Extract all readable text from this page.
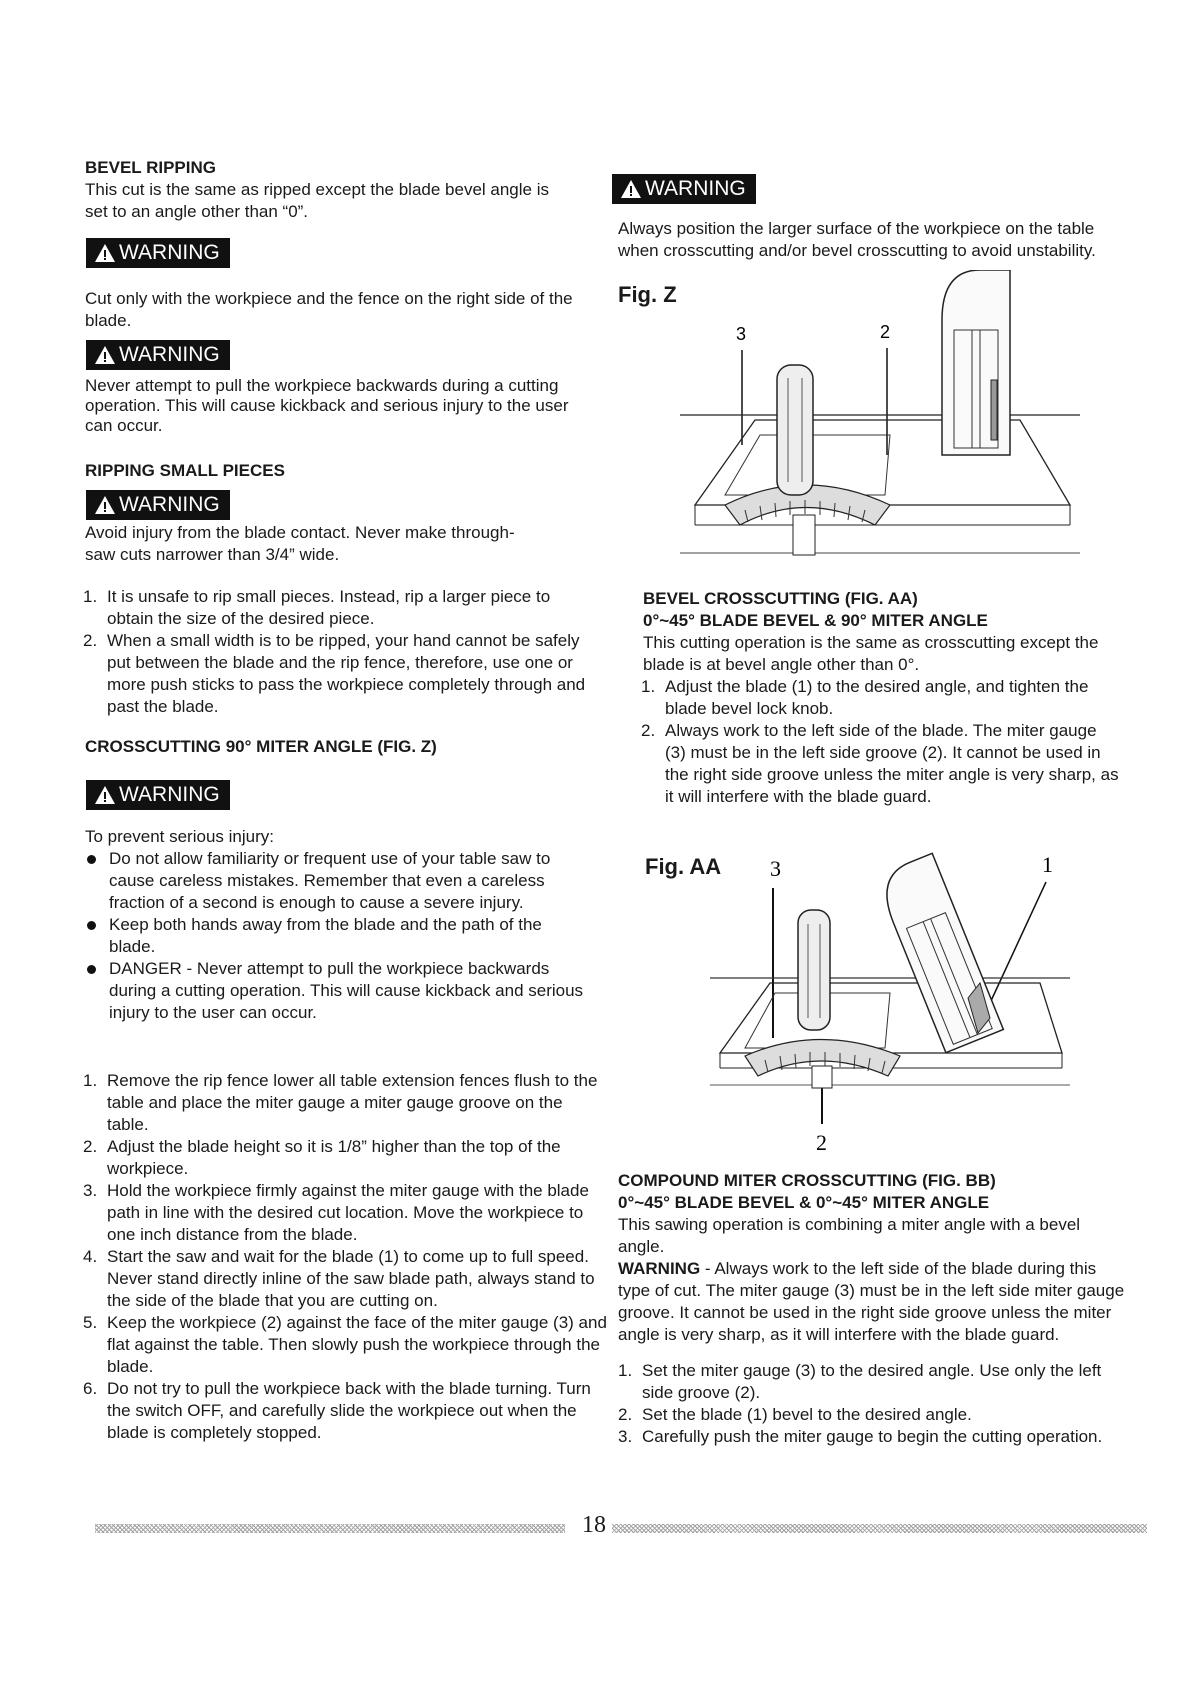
BEVEL RIPPING

This cut is the same as ripped except the blade bevel angle is set to an angle other than “0”.

WARNING

Cut only with the workpiece and the fence on the right side of the blade.

WARNING

Never attempt to pull the workpiece backwards during a cutting operation. This will cause kickback and serious injury to the user can occur.

RIPPING SMALL PIECES

WARNING

Avoid injury from the blade contact. Never make through-saw cuts narrower than 3/4” wide.

1. It is unsafe to rip small pieces. Instead, rip a larger piece to obtain the size of the desired piece.
2. When a small width is to be ripped, your hand cannot be safely put between the blade and the rip fence, therefore, use one or more push sticks to pass the workpiece completely through and past the blade.

CROSSCUTTING 90° MITER ANGLE (FIG. Z)

WARNING

To prevent serious injury:

Do not allow familiarity or frequent use of your table saw to cause careless mistakes. Remember that even a careless fraction of a second is enough to cause a severe injury.
Keep both hands away from the blade and the path of the blade.
DANGER - Never attempt to pull the workpiece backwards during a cutting operation. This will cause kickback and serious injury to the user can occur.
1. Remove the rip fence lower all table extension fences flush to the table and place the miter gauge a miter gauge groove on the table.
2. Adjust the blade height so it is 1/8” higher than the top of the workpiece.
3. Hold the workpiece firmly against the miter gauge with the blade path in line with the desired cut location. Move the workpiece to one inch distance from the blade.
4. Start the saw and wait for the blade (1) to come up to full speed. Never stand directly inline of the saw blade path, always stand to the side of the blade that you are cutting on.
5. Keep the workpiece (2) against the face of the miter gauge (3) and flat against the table. Then slowly push the workpiece through the blade.
6. Do not try to pull the workpiece back with the blade turning. Turn the switch OFF, and carefully slide the workpiece out when the blade is completely stopped.
WARNING

Always position the larger surface of the workpiece on the table when crosscutting and/or bevel crosscutting to avoid unstability.

Fig. Z
3	2

BEVEL CROSSCUTTING (FIG. AA)

0°~45° BLADE BEVEL & 90° MITER ANGLE

This cutting operation is the same as crosscutting except the blade is at bevel angle other than 0°.

1. Adjust the blade (1) to the desired angle, and tighten the blade bevel lock knob.
2. Always work to the left side of the blade. The miter gauge (3) must be in the left side groove (2). It cannot be used in the right side groove unless the miter angle is very sharp, as it will interfere with the blade guard.
Fig. AA 3	1
2

COMPOUND MITER CROSSCUTTING (FIG. BB)

0°~45° BLADE BEVEL & 0°~45° MITER ANGLE

This sawing operation is combining a miter angle with a bevel angle.

WARNING - Always work to the left side of the blade during this type of cut. The miter gauge (3) must be in the left side miter gauge groove. It cannot be used in the right side groove unless the miter angle is very sharp, as it will interfere with the blade guard.

1. Set the miter gauge (3) to the desired angle. Use only the left side groove (2).
2. Set the blade (1) bevel to the desired angle.
3. Carefully push the miter gauge to begin the cutting operation.
18
